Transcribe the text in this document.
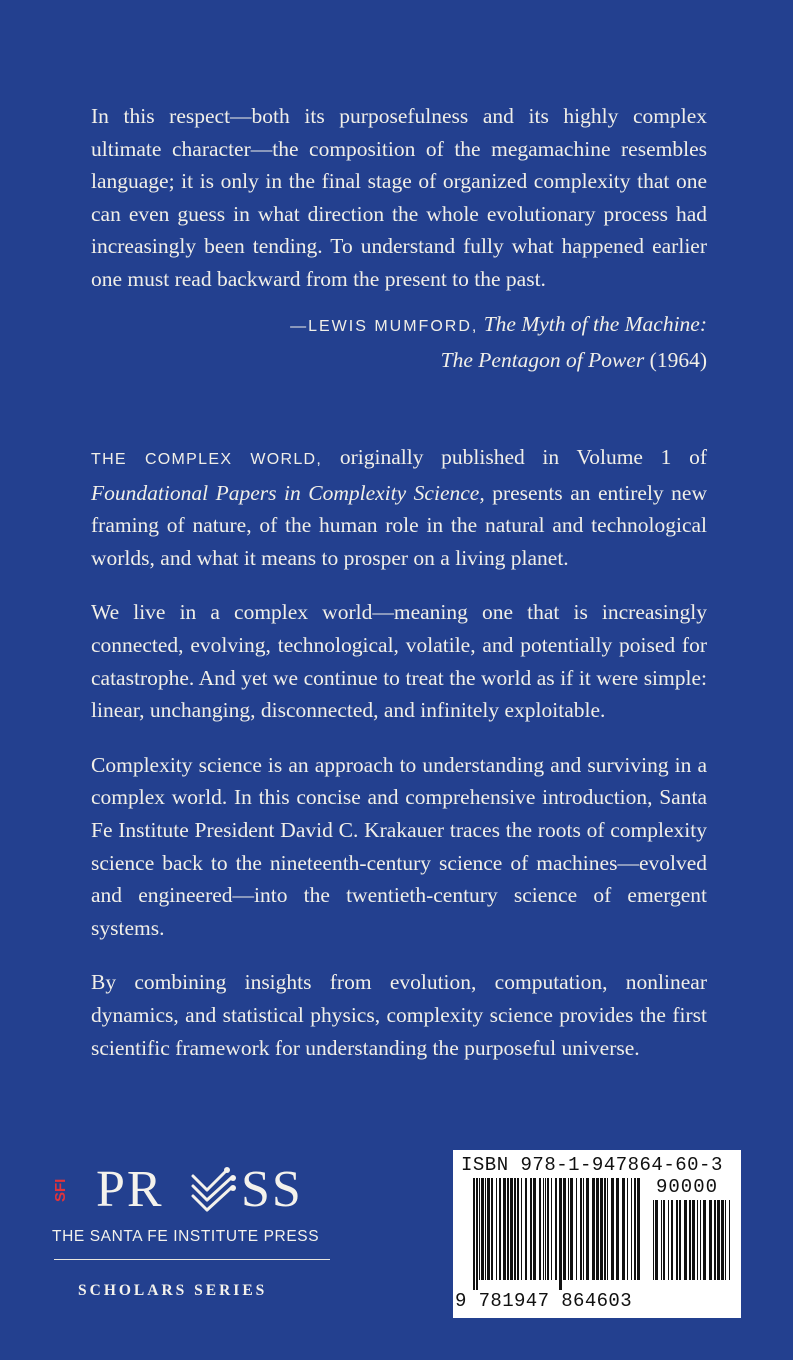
In this respect—both its purposefulness and its highly complex ultimate character—the composition of the megamachine resembles language; it is only in the final stage of organized complexity that one can even guess in what direction the whole evolutionary process had increasingly been tending. To understand fully what happened earlier one must read backward from the present to the past.

—LEWIS MUMFORD, The Myth of the Machine:
The Pentagon of Power (1964)

THE COMPLEX WORLD, originally published in Volume 1 of Foundational Papers in Complexity Science, presents an entirely new framing of nature, of the human role in the natural and technological worlds, and what it means to prosper on a living planet.

We live in a complex world—meaning one that is increasingly connected, evolving, technological, volatile, and potentially poised for catastrophe. And yet we continue to treat the world as if it were simple: linear, unchanging, disconnected, and infinitely exploitable.

Complexity science is an approach to understanding and surviving in a complex world. In this concise and comprehensive introduction, Santa Fe Institute President David C. Krakauer traces the roots of complexity science back to the nineteenth-century science of machines—evolved and engineered—into the twentieth-century science of emergent systems.

By combining insights from evolution, computation, nonlinear dynamics, and statistical physics, complexity science provides the first scientific framework for understanding the purposeful universe.

SFI PR SS
THE SANTA FE INSTITUTE PRESS
SCHOLARS SERIES
ISBN 978-1-947864-60-3
90000
9 781947 864603
